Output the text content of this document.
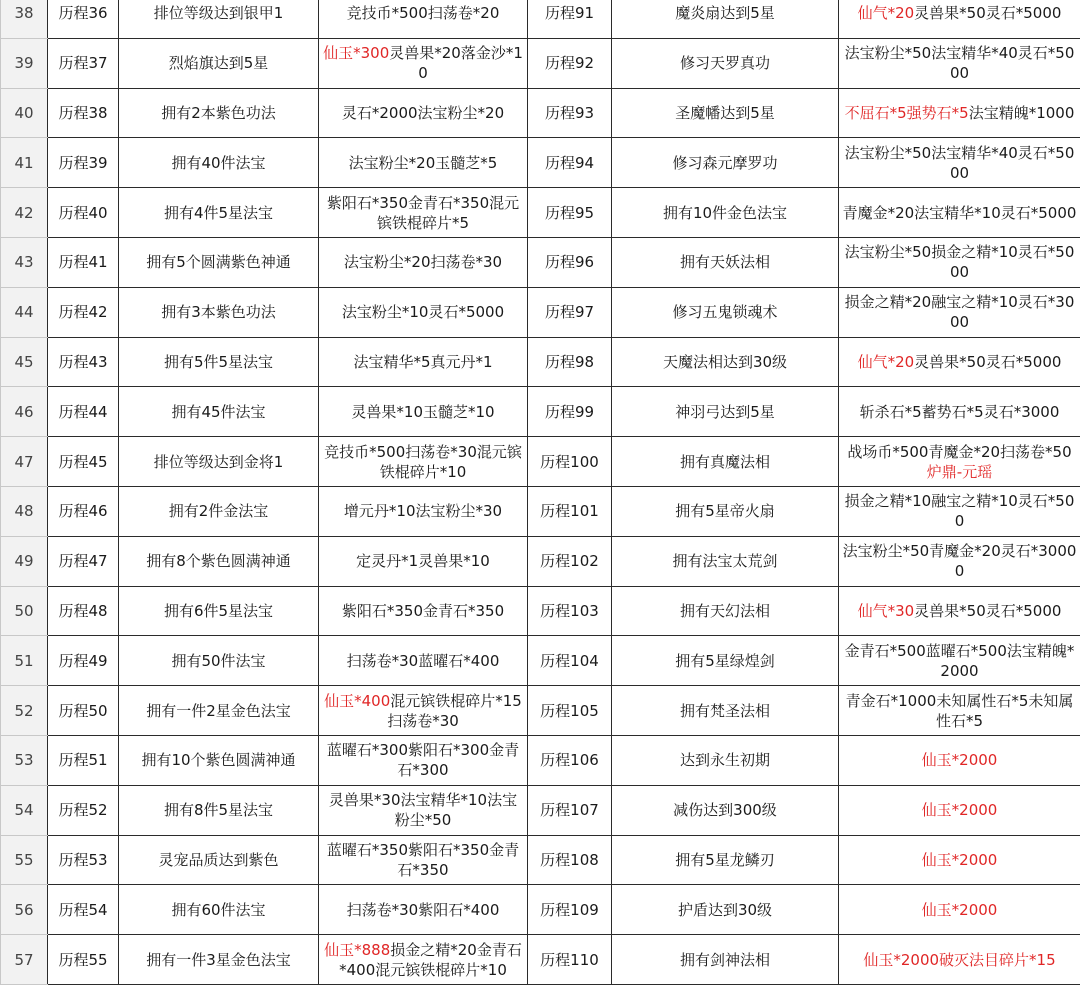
38	历程36	排位等级达到银甲1	竞技币*500扫荡卷*20	历程91	魔炎扇达到5星	仙气*20灵兽果*50灵石*5000
39	历程37	烈焰旗达到5星	仙玉*300灵兽果*20落金沙*10	历程92	修习天罗真功	法宝粉尘*50法宝精华*40灵石*5000
40	历程38	拥有2本紫色功法	灵石*2000法宝粉尘*20	历程93	圣魔幡达到5星	不屈石*5强势石*5法宝精魄*1000
41	历程39	拥有40件法宝	法宝粉尘*20玉髓芝*5	历程94	修习森元摩罗功	法宝粉尘*50法宝精华*40灵石*5000
42	历程40	拥有4件5星法宝	紫阳石*350金青石*350混元镔铁棍碎片*5	历程95	拥有10件金色法宝	青魔金*20法宝精华*10灵石*5000
43	历程41	拥有5个圆满紫色神通	法宝粉尘*20扫荡卷*30	历程96	拥有天妖法相	法宝粉尘*50损金之精*10灵石*5000
44	历程42	拥有3本紫色功法	法宝粉尘*10灵石*5000	历程97	修习五鬼锁魂术	损金之精*20融宝之精*10灵石*3000
45	历程43	拥有5件5星法宝	法宝精华*5真元丹*1	历程98	天魔法相达到30级	仙气*20灵兽果*50灵石*5000
46	历程44	拥有45件法宝	灵兽果*10玉髓芝*10	历程99	神羽弓达到5星	斩杀石*5蓄势石*5灵石*3000
47	历程45	排位等级达到金将1	竞技币*500扫荡卷*30混元镔铁棍碎片*10	历程100	拥有真魔法相	战场币*500青魔金*20扫荡卷*50炉鼎-元瑶
48	历程46	拥有2件金法宝	增元丹*10法宝粉尘*30	历程101	拥有5星帝火扇	损金之精*10融宝之精*10灵石*500
49	历程47	拥有8个紫色圆满神通	定灵丹*1灵兽果*10	历程102	拥有法宝太荒剑	法宝粉尘*50青魔金*20灵石*30000
50	历程48	拥有6件5星法宝	紫阳石*350金青石*350	历程103	拥有天幻法相	仙气*30灵兽果*50灵石*5000
51	历程49	拥有50件法宝	扫荡卷*30蓝曜石*400	历程104	拥有5星绿煌剑	金青石*500蓝曜石*500法宝精魄*2000
52	历程50	拥有一件2星金色法宝	仙玉*400混元镔铁棍碎片*15扫荡卷*30	历程105	拥有梵圣法相	青金石*1000未知属性石*5未知属性石*5
53	历程51	拥有10个紫色圆满神通	蓝曜石*300紫阳石*300金青石*300	历程106	达到永生初期	仙玉*2000
54	历程52	拥有8件5星法宝	灵兽果*30法宝精华*10法宝粉尘*50	历程107	减伤达到300级	仙玉*2000
55	历程53	灵宠品质达到紫色	蓝曜石*350紫阳石*350金青石*350	历程108	拥有5星龙鳞刃	仙玉*2000
56	历程54	拥有60件法宝	扫荡卷*30紫阳石*400	历程109	护盾达到30级	仙玉*2000
57	历程55	拥有一件3星金色法宝	仙玉*888损金之精*20金青石*400混元镔铁棍碎片*10	历程110	拥有剑神法相	仙玉*2000破灭法目碎片*15
